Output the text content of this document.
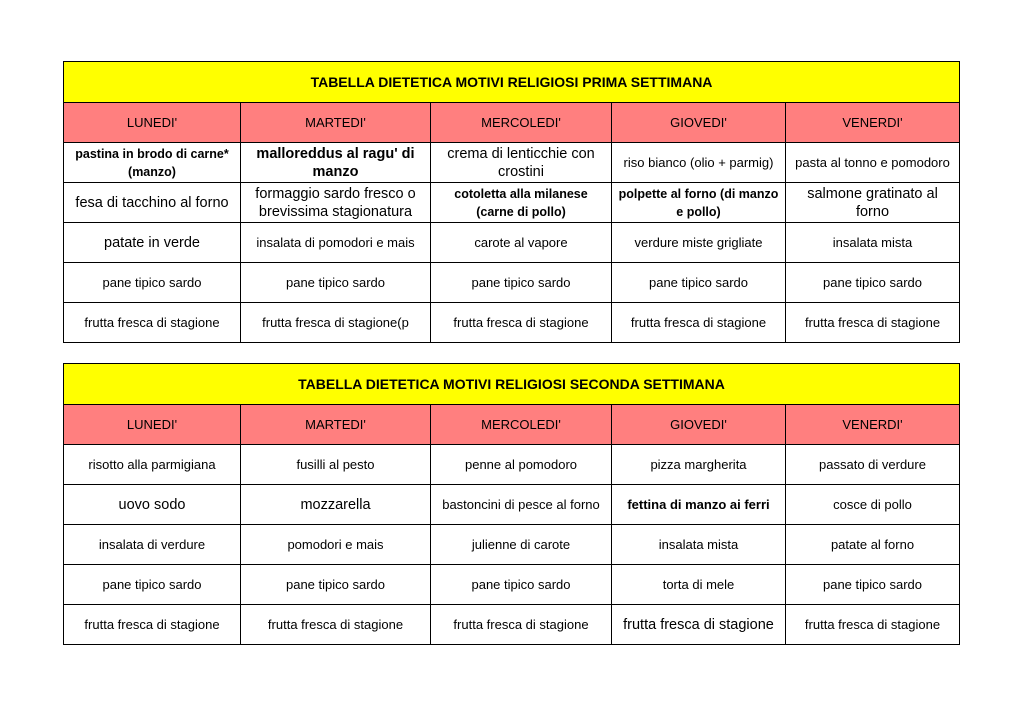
TABELLA DIETETICA MOTIVI RELIGIOSI PRIMA SETTIMANA				
LUNEDI'	MARTEDI'	MERCOLEDI'	GIOVEDI'	VENERDI'
pastina in brodo di carne* (manzo)	malloreddus al ragu' di manzo	crema di lenticchie con crostini	riso bianco (olio + parmig)	pasta al tonno e pomodoro
fesa di tacchino al forno	formaggio sardo fresco o brevissima stagionatura	cotoletta alla milanese (carne di pollo)	polpette al forno (di manzo e pollo)	salmone gratinato al forno
patate in verde	insalata di pomodori e mais	carote al vapore	verdure miste grigliate	insalata mista
pane tipico sardo	pane tipico sardo	pane tipico sardo	pane tipico sardo	pane tipico sardo
frutta fresca di stagione	frutta fresca di stagione(p	frutta fresca di stagione	frutta fresca di stagione	frutta fresca di stagione
TABELLA DIETETICA MOTIVI RELIGIOSI SECONDA SETTIMANA				
LUNEDI'	MARTEDI'	MERCOLEDI'	GIOVEDI'	VENERDI'
risotto alla parmigiana	fusilli al pesto	penne al pomodoro	pizza margherita	passato di verdure
uovo sodo	mozzarella	bastoncini di pesce al forno	fettina di manzo ai ferri	cosce di pollo
insalata di verdure	pomodori e mais	julienne di carote	insalata mista	patate al forno
pane tipico sardo	pane tipico sardo	pane tipico sardo	torta di mele	pane tipico sardo
frutta fresca di stagione	frutta fresca di stagione	frutta fresca di stagione	frutta fresca di stagione	frutta fresca di stagione
